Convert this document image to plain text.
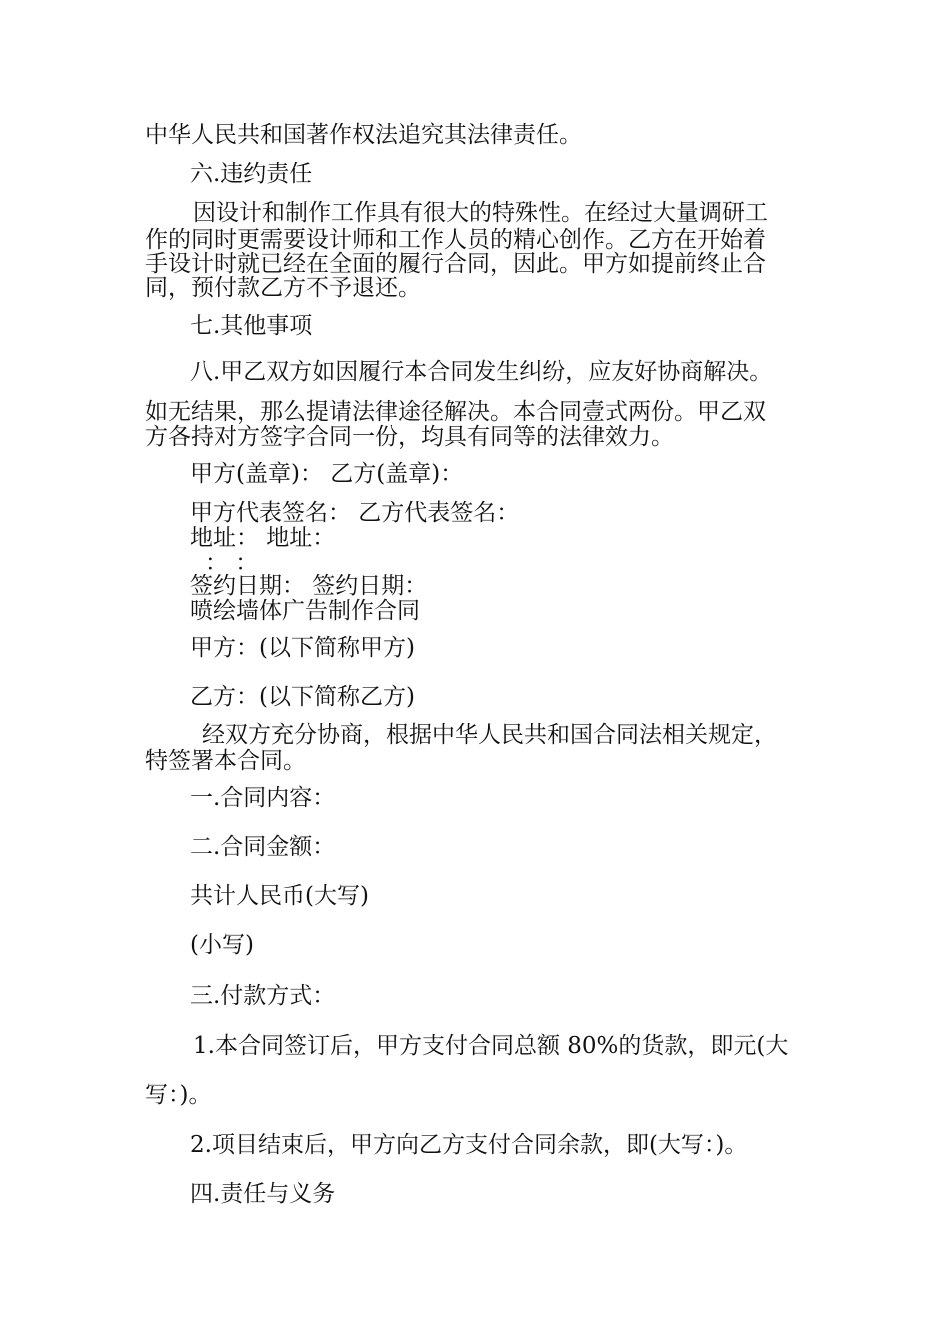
中华人民共和国著作权法追究其法律责任。
六.违约责任
因设计和制作工作具有很大的特殊性。在经过大量调研工
作的同时更需要设计师和工作人员的精心创作。乙方在开始着
手设计时就已经在全面的履行合同，因此。甲方如提前终止合
同，预付款乙方不予退还。
七.其他事项
八.甲乙双方如因履行本合同发生纠纷，应友好协商解决。
如无结果，那么提请法律途径解决。本合同壹式两份。甲乙双
方各持对方签字合同一份，均具有同等的法律效力。
甲方(盖章)： 乙方(盖章)：
甲方代表签名： 乙方代表签名：
地址： 地址：
： ：
签约日期： 签约日期：
喷绘墙体广告制作合同
甲方：(以下简称甲方)
乙方：(以下简称乙方)
经双方充分协商，根据中华人民共和国合同法相关规定，
特签署本合同。
一.合同内容：
二.合同金额：
共计人民币(大写)
(小写)
三.付款方式：
1.本合同签订后，甲方支付合同总额 80%的货款，即元(大
写：)。
2.项目结束后，甲方向乙方支付合同余款，即(大写：)。
四.责任与义务
